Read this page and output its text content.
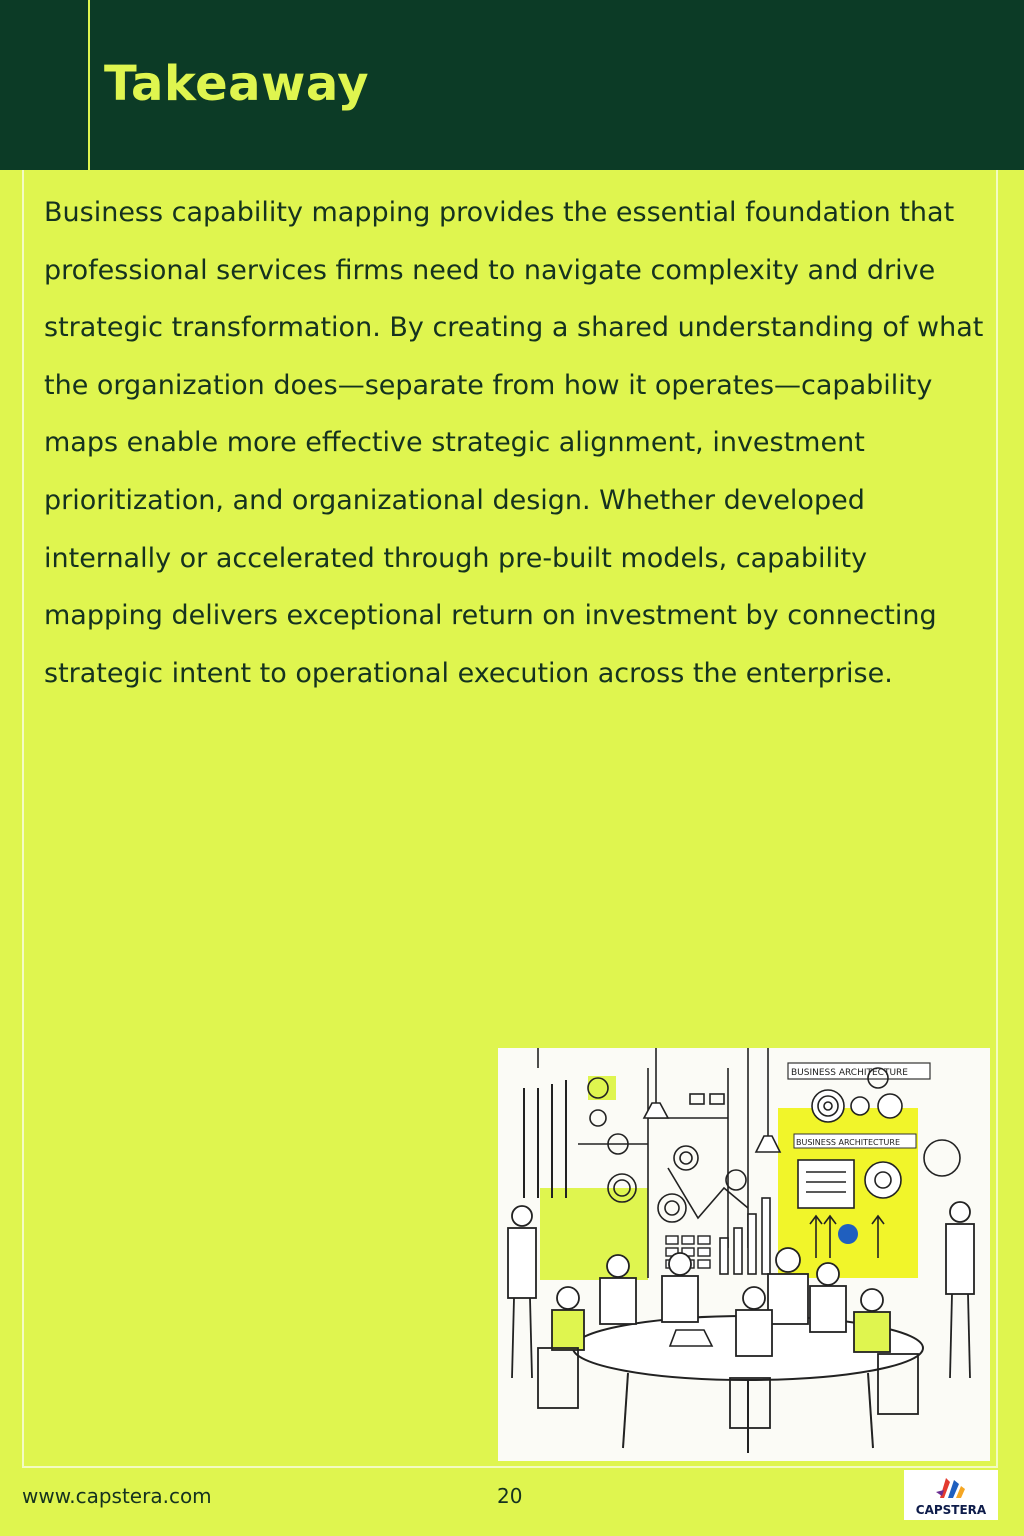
Takeaway

Business capability mapping provides the essential foundation that professional services firms need to navigate complexity and drive strategic transformation. By creating a shared understanding of what the organization does—separate from how it operates—capability maps enable more effective strategic alignment, investment prioritization, and organizational design. Whether developed internally or accelerated through pre-built models, capability mapping delivers exceptional return on investment by connecting strategic intent to operational execution across the enterprise.

BUSINESS ARCHITECTURE
BUSINESS ARCHITECTURE
www.capstera.com	20
CAPSTERA
